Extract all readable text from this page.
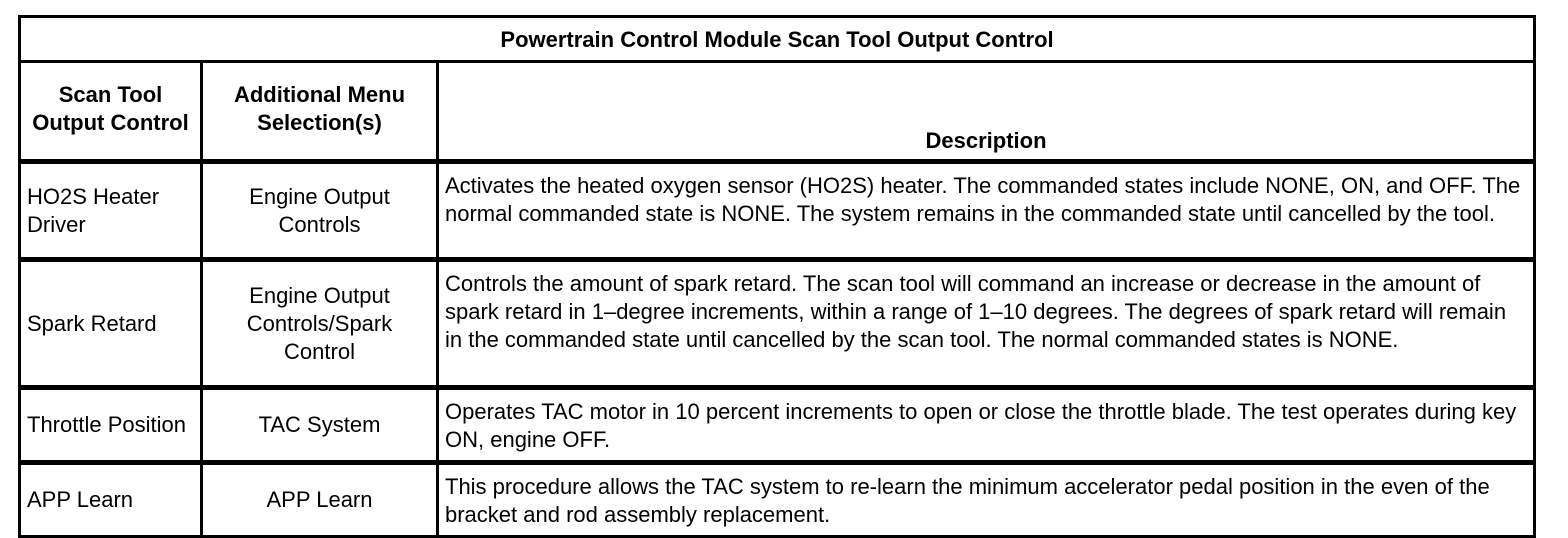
Powertrain Control Module Scan Tool Output Control		
Scan Tool Output Control	Additional Menu Selection(s)	Description
HO2S Heater Driver	Engine Output Controls	Activates the heated oxygen sensor (HO2S) heater. The commanded states include NONE, ON, and OFF. The normal commanded state is NONE. The system remains in the commanded state until cancelled by the tool.
Spark Retard	Engine Output Controls/Spark Control	Controls the amount of spark retard. The scan tool will command an increase or decrease in the amount of spark retard in 1–degree increments, within a range of 1–10 degrees. The degrees of spark retard will remain in the commanded state until cancelled by the scan tool. The normal commanded states is NONE.
Throttle Position	TAC System	Operates TAC motor in 10 percent increments to open or close the throttle blade. The test operates during key ON, engine OFF.
APP Learn	APP Learn	This procedure allows the TAC system to re-learn the minimum accelerator pedal position in the even of the bracket and rod assembly replacement.
